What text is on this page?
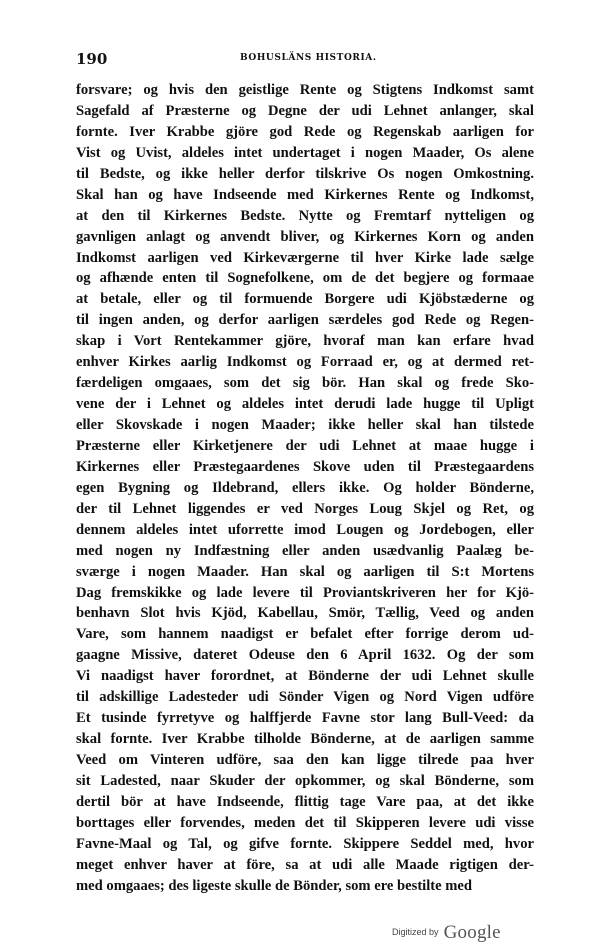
190	BOHUSLÄNS HISTORIA.
forsvare; og hvis den geistlige Rente og Stigtens Indkomst samt
Sagefald af Præsterne og Degne der udi Lehnet anlanger, skal
fornte. Iver Krabbe gjöre god Rede og Regenskab aarligen for
Vist og Uvist, aldeles intet undertaget i nogen Maader, Os alene
til Bedste, og ikke heller derfor tilskrive Os nogen Omkostning.
Skal han og have Indseende med Kirkernes Rente og Indkomst,
at den til Kirkernes Bedste. Nytte og Fremtarf nytteligen og
gavnligen anlagt og anvendt bliver, og Kirkernes Korn og anden
Indkomst aarligen ved Kirkeværgerne til hver Kirke lade sælge
og afhænde enten til Sognefolkene, om de det begjere og formaae
at betale, eller og til formuende Borgere udi Kjöbstæderne og
til ingen anden, og derfor aarligen særdeles god Rede og Regen-
skap i Vort Rentekammer gjöre, hvoraf man kan erfare hvad
enhver Kirkes aarlig Indkomst og Forraad er, og at dermed ret-
færdeligen omgaaes, som det sig bör. Han skal og frede Sko-
vene der i Lehnet og aldeles intet derudi lade hugge til Upligt
eller Skovskade i nogen Maader; ikke heller skal han tilstede
Præsterne eller Kirketjenere der udi Lehnet at maae hugge i
Kirkernes eller Præstegaardenes Skove uden til Præstegaardens
egen Bygning og Ildebrand, ellers ikke. Og holder Bönderne,
der til Lehnet liggendes er ved Norges Loug Skjel og Ret, og
dennem aldeles intet uforrette imod Lougen og Jordebogen, eller
med nogen ny Indfæstning eller anden usædvanlig Paalæg be-
sværge i nogen Maader. Han skal og aarligen til S:t Mortens
Dag fremskikke og lade levere til Proviantskriveren her for Kjö-
benhavn Slot hvis Kjöd, Kabellau, Smör, Tællig, Veed og anden
Vare, som hannem naadigst er befalet efter forrige derom ud-
gaagne Missive, dateret Odeuse den 6 April 1632. Og der som
Vi naadigst haver forordnet, at Bönderne der udi Lehnet skulle
til adskillige Ladesteder udi Sönder Vigen og Nord Vigen udföre
Et tusinde fyrretyve og halffjerde Favne stor lang Bull-Veed: da
skal fornte. Iver Krabbe tilholde Bönderne, at de aarligen samme
Veed om Vinteren udföre, saa den kan ligge tilrede paa hver
sit Ladested, naar Skuder der opkommer, og skal Bönderne, som
dertil bör at have Indseende, flittig tage Vare paa, at det ikke
borttages eller forvendes, meden det til Skipperen levere udi visse
Favne-Maal og Tal, og gifve fornte. Skippere Seddel med, hvor
meget enhver haver at före, sa at udi alle Maade rigtigen der-
med omgaaes; des ligeste skulle de Bönder, som ere bestilte med
Digitized by Google
